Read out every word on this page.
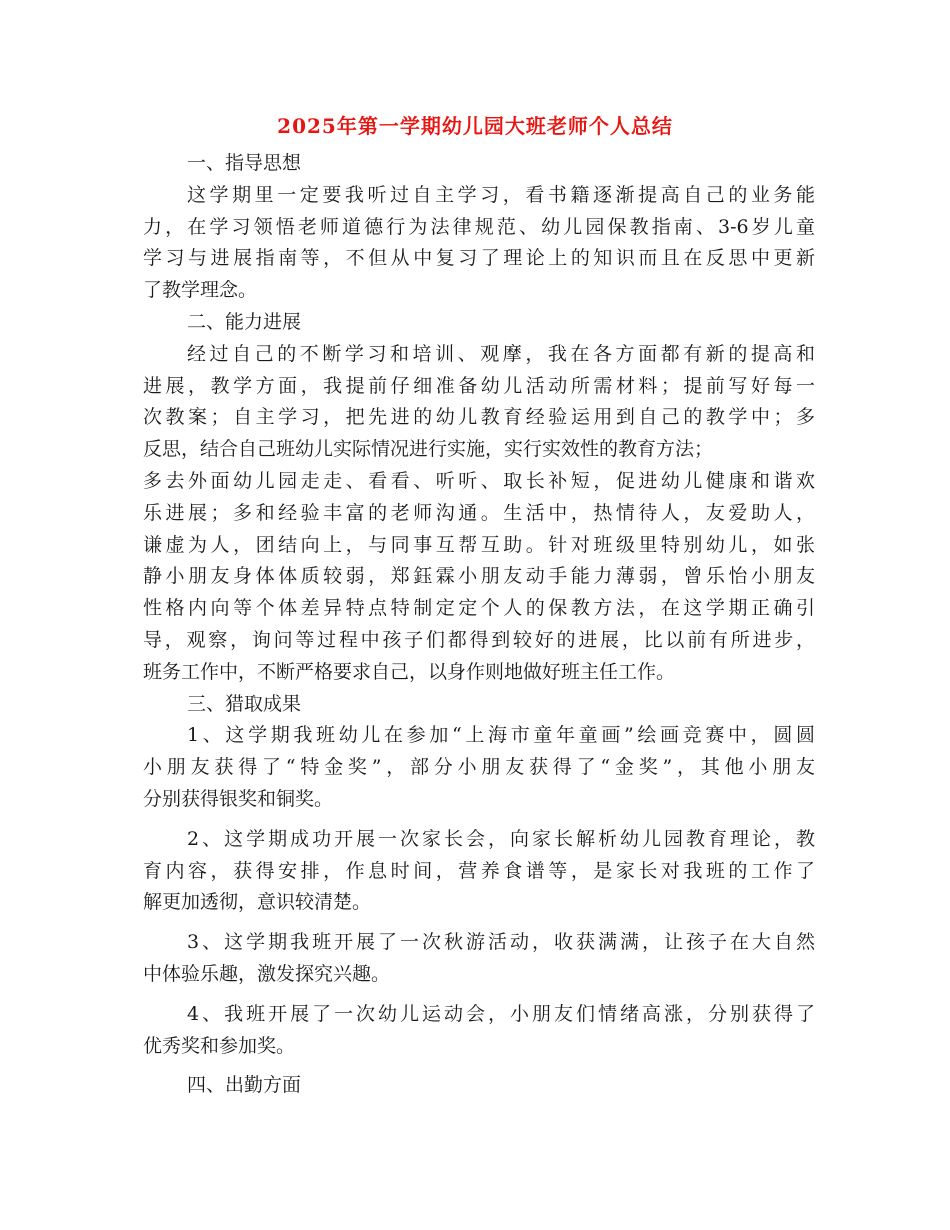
2025年第一学期幼儿园大班老师个人总结
一、指导思想
这学期里一定要我听过自主学习，看书籍逐渐提高自己的业务能
力，在学习领悟老师道德行为法律规范、幼儿园保教指南、3-6岁儿童
学习与进展指南等，不但从中复习了理论上的知识而且在反思中更新
了教学理念。
二、能力进展
经过自己的不断学习和培训、观摩，我在各方面都有新的提高和
进展，教学方面，我提前仔细准备幼儿活动所需材料；提前写好每一
次教案；自主学习，把先进的幼儿教育经验运用到自己的教学中；多
反思，结合自己班幼儿实际情况进行实施，实行实效性的教育方法；
多去外面幼儿园走走、看看、听听、取长补短，促进幼儿健康和谐欢
乐进展；多和经验丰富的老师沟通。生活中，热情待人，友爱助人，
谦虚为人，团结向上，与同事互帮互助。针对班级里特别幼儿，如张
静小朋友身体体质较弱，郑鈺霖小朋友动手能力薄弱，曾乐怡小朋友
性格内向等个体差异特点特制定定个人的保教方法，在这学期正确引
导，观察，询问等过程中孩子们都得到较好的进展，比以前有所进步，
班务工作中，不断严格要求自己，以身作则地做好班主任工作。
三、猎取成果
1、这学期我班幼儿在参加“上海市童年童画”绘画竞赛中，圆圆
小朋友获得了“特金奖”，部分小朋友获得了“金奖”，其他小朋友
分别获得银奖和铜奖。
2、这学期成功开展一次家长会，向家长解析幼儿园教育理论，教
育内容，获得安排，作息时间，营养食谱等，是家长对我班的工作了
解更加透彻，意识较清楚。
3、这学期我班开展了一次秋游活动，收获满满，让孩子在大自然
中体验乐趣，激发探究兴趣。
4、我班开展了一次幼儿运动会，小朋友们情绪高涨，分别获得了
优秀奖和参加奖。
四、出勤方面
